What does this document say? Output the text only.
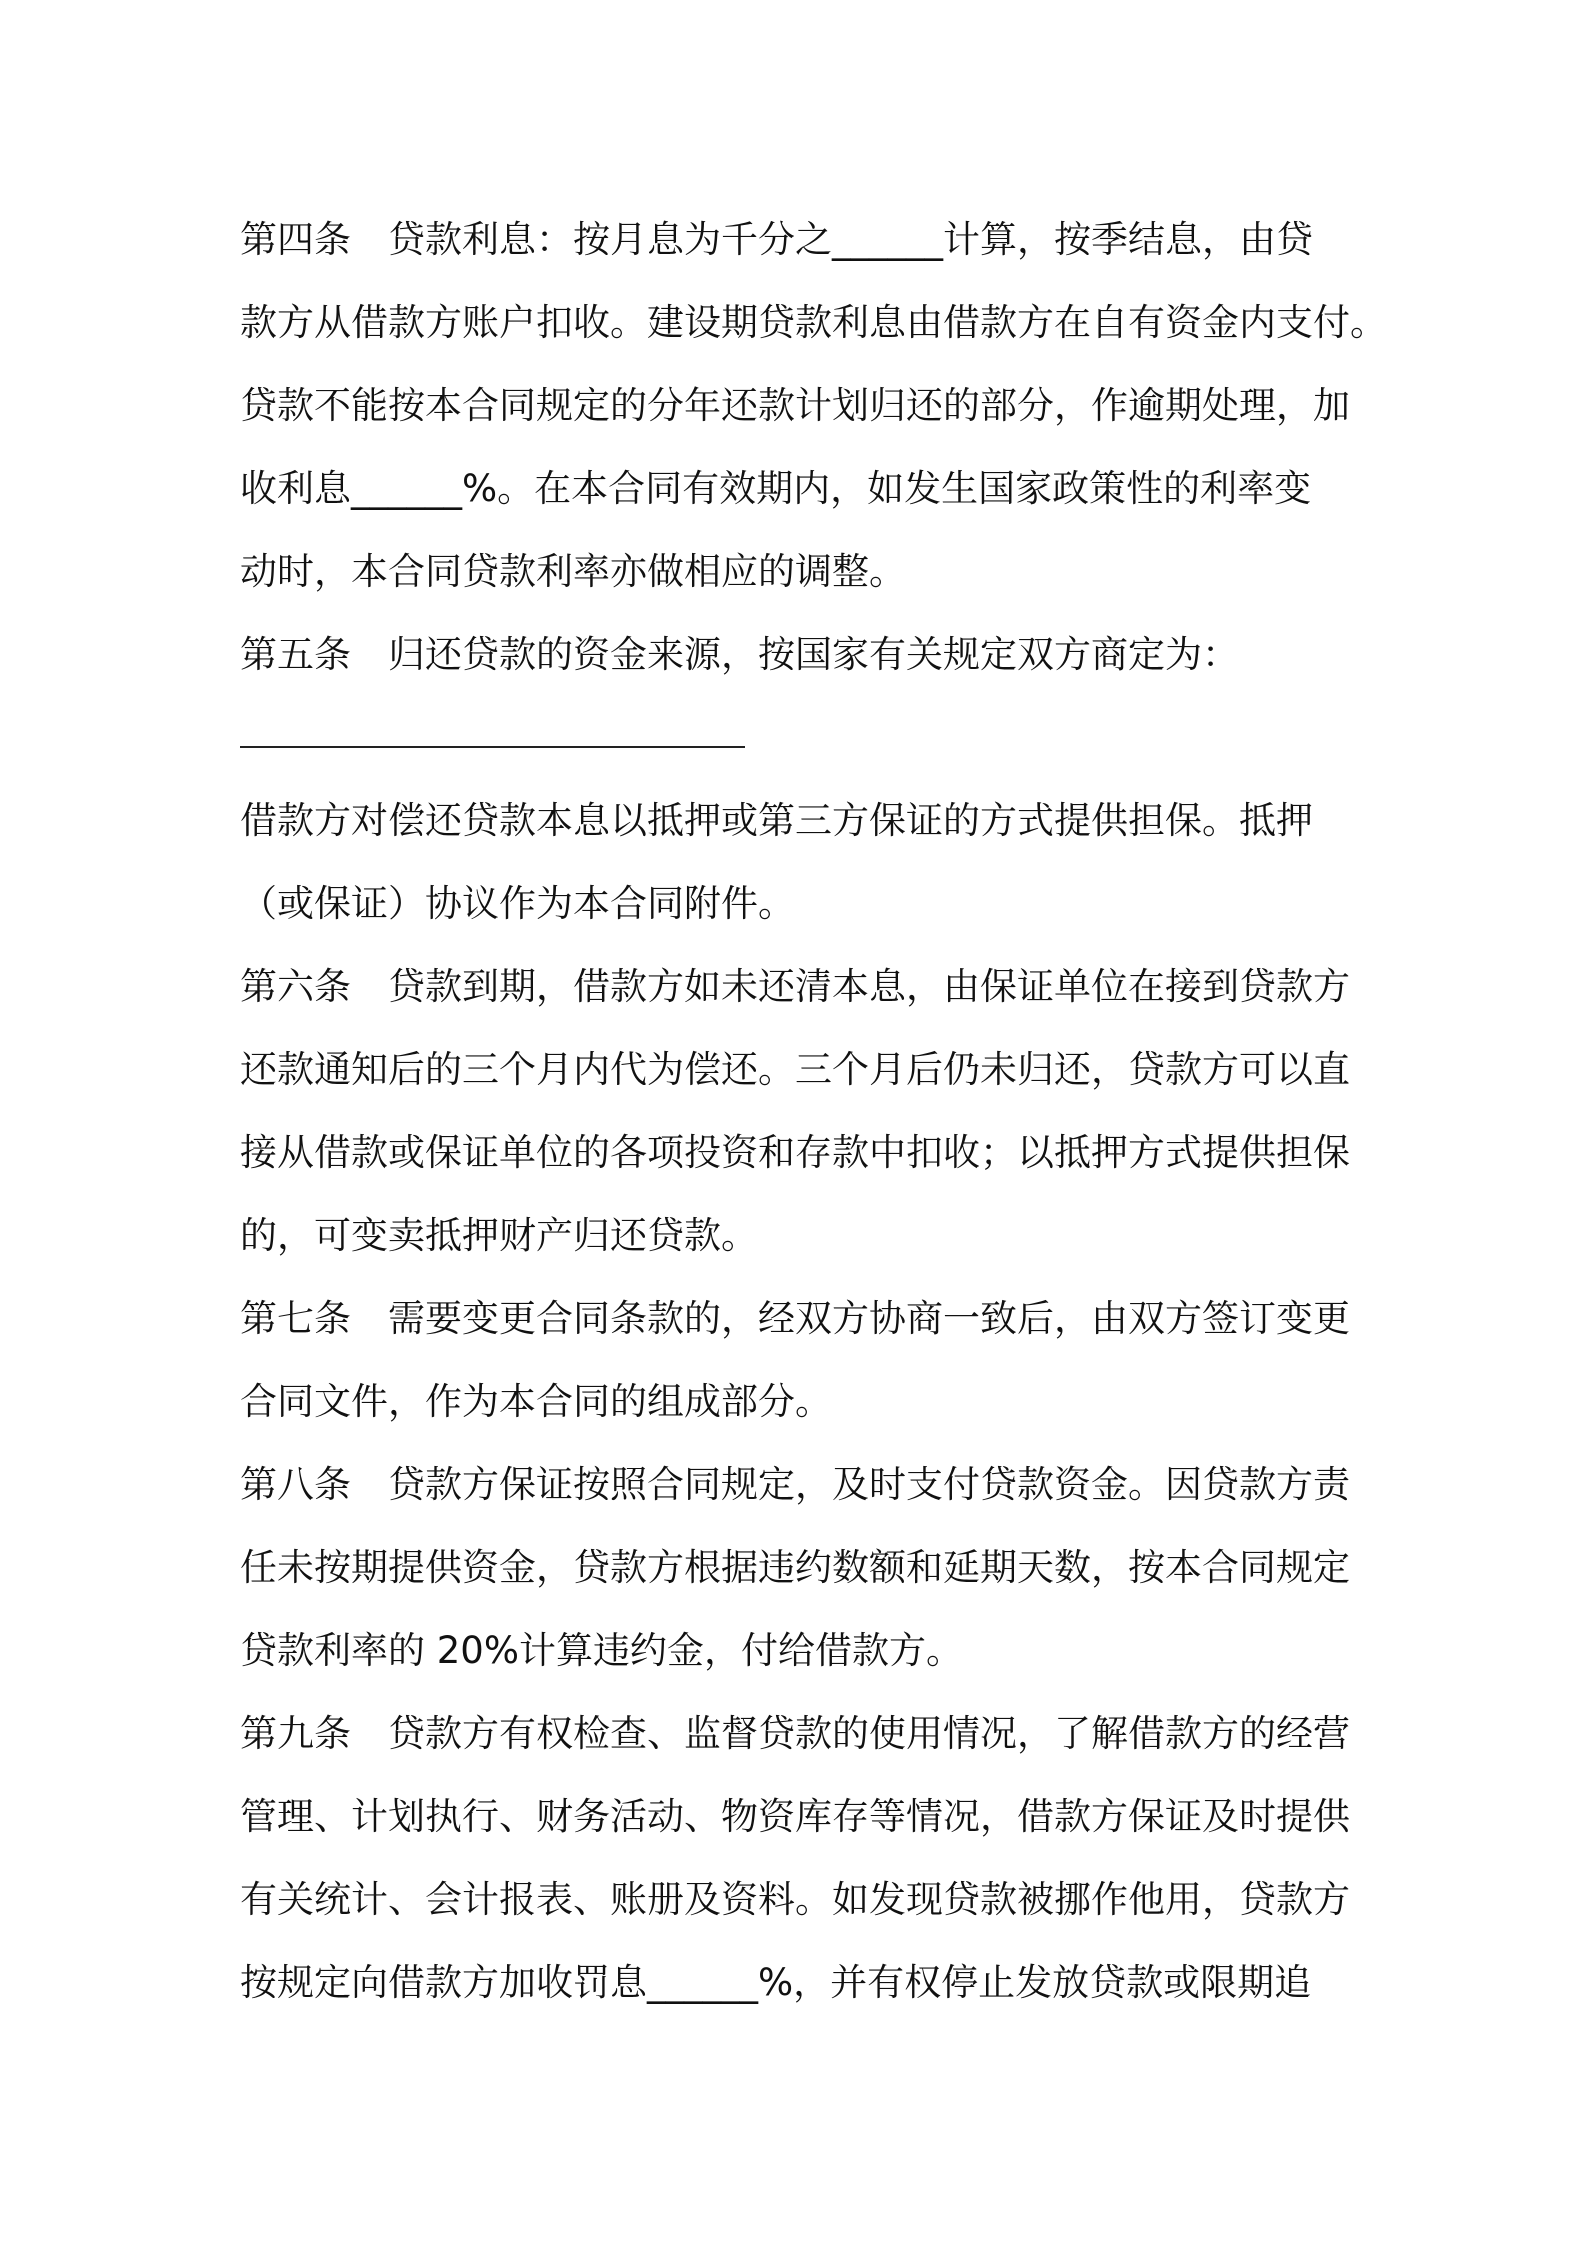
第四条　贷款利息：按月息为千分之______计算，按季结息，由贷
款方从借款方账户扣收。建设期贷款利息由借款方在自有资金内支付。
贷款不能按本合同规定的分年还款计划归还的部分，作逾期处理，加
收利息______%。在本合同有效期内，如发生国家政策性的利率变
动时，本合同贷款利率亦做相应的调整。
第五条　归还贷款的资金来源，按国家有关规定双方商定为：
借款方对偿还贷款本息以抵押或第三方保证的方式提供担保。抵押
（或保证）协议作为本合同附件。
第六条　贷款到期，借款方如未还清本息，由保证单位在接到贷款方
还款通知后的三个月内代为偿还。三个月后仍未归还，贷款方可以直
接从借款或保证单位的各项投资和存款中扣收；以抵押方式提供担保
的，可变卖抵押财产归还贷款。
第七条　需要变更合同条款的，经双方协商一致后，由双方签订变更
合同文件，作为本合同的组成部分。
第八条　贷款方保证按照合同规定，及时支付贷款资金。因贷款方责
任未按期提供资金，贷款方根据违约数额和延期天数，按本合同规定
贷款利率的 20%计算违约金，付给借款方。
第九条　贷款方有权检查、监督贷款的使用情况，了解借款方的经营
管理、计划执行、财务活动、物资库存等情况，借款方保证及时提供
有关统计、会计报表、账册及资料。如发现贷款被挪作他用，贷款方
按规定向借款方加收罚息______%，并有权停止发放贷款或限期追
